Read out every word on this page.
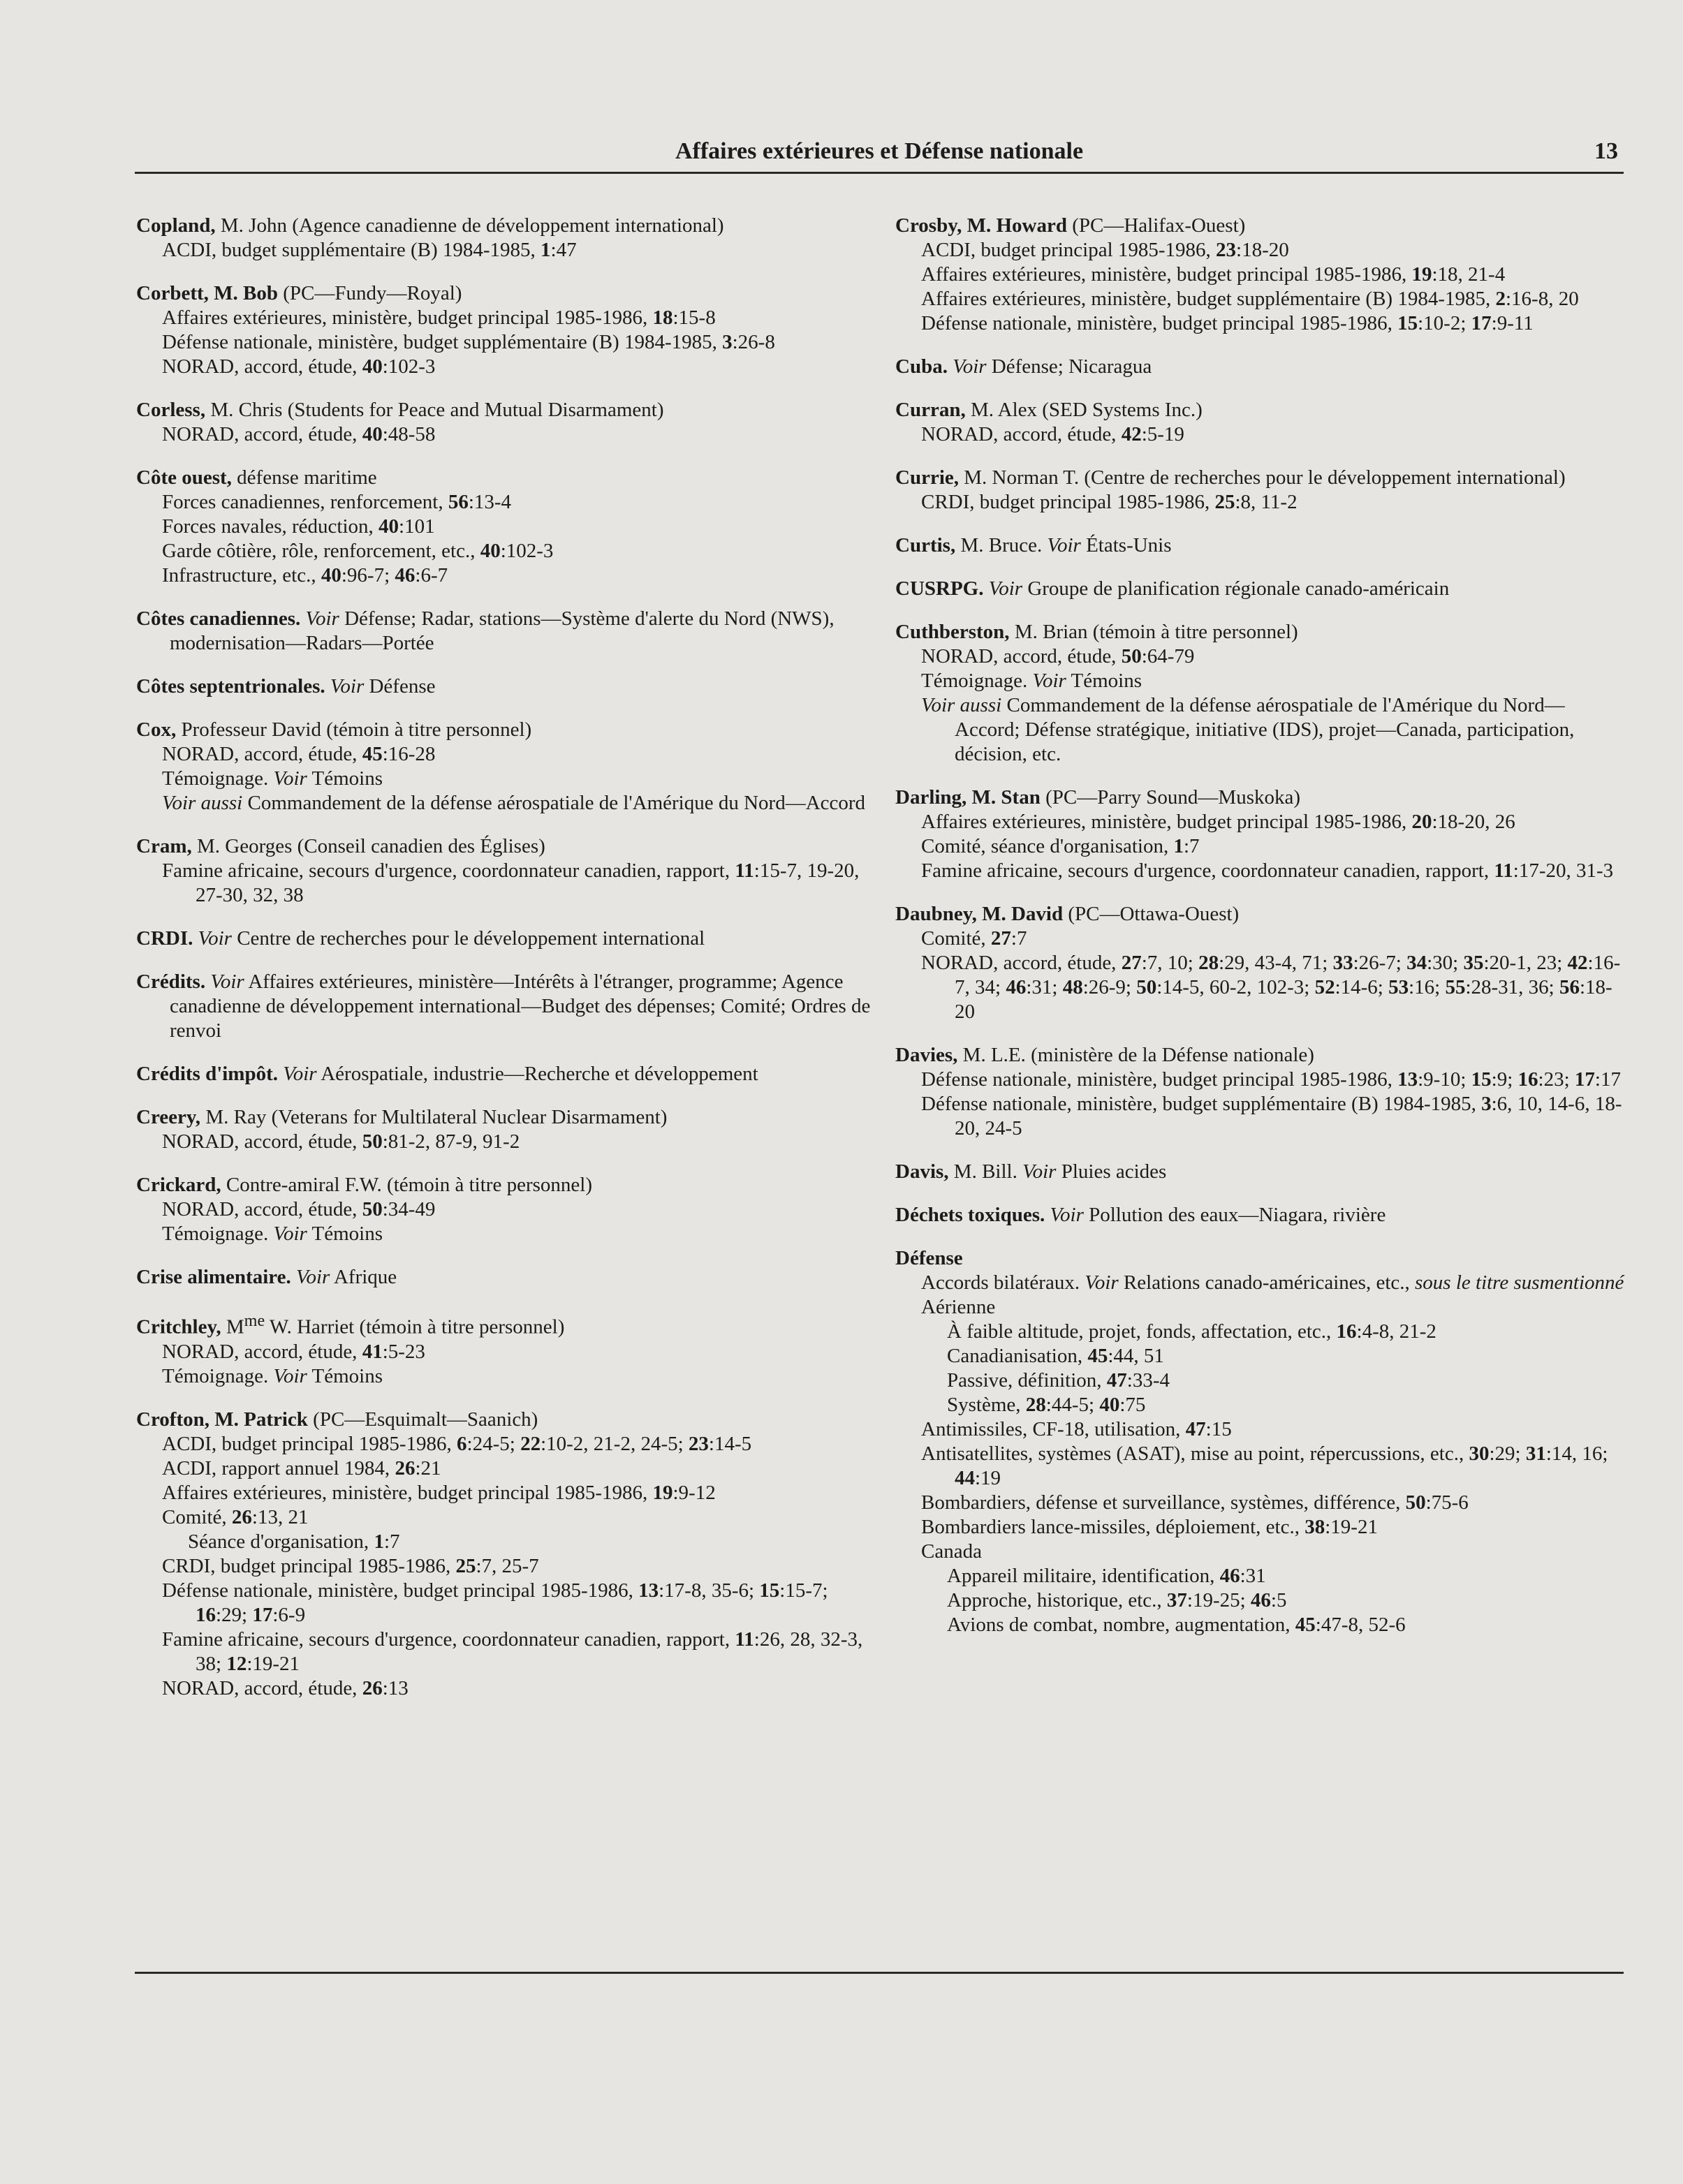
Affaires extérieures et Défense nationale	13
Copland, M. John (Agence canadienne de développement international)
ACDI, budget supplémentaire (B) 1984-1985, 1:47
Corbett, M. Bob (PC—Fundy—Royal)
Affaires extérieures, ministère, budget principal 1985-1986, 18:15-8
Défense nationale, ministère, budget supplémentaire (B) 1984-1985, 3:26-8
NORAD, accord, étude, 40:102-3
Corless, M. Chris (Students for Peace and Mutual Disarmament)
NORAD, accord, étude, 40:48-58
Côte ouest, défense maritime
Forces canadiennes, renforcement, 56:13-4
Forces navales, réduction, 40:101
Garde côtière, rôle, renforcement, etc., 40:102-3
Infrastructure, etc., 40:96-7; 46:6-7
Côtes canadiennes. Voir Défense; Radar, stations—Système d'alerte du Nord (NWS), modernisation—Radars—Portée
Côtes septentrionales. Voir Défense
Cox, Professeur David (témoin à titre personnel)
NORAD, accord, étude, 45:16-28
Témoignage. Voir Témoins
Voir aussi Commandement de la défense aérospatiale de l'Amérique du Nord—Accord
Cram, M. Georges (Conseil canadien des Églises)
Famine africaine, secours d'urgence, coordonnateur canadien, rapport, 11:15-7, 19-20, 27-30, 32, 38
CRDI. Voir Centre de recherches pour le développement international
Crédits. Voir Affaires extérieures, ministère—Intérêts à l'étranger, programme; Agence canadienne de développement international—Budget des dépenses; Comité; Ordres de renvoi
Crédits d'impôt. Voir Aérospatiale, industrie—Recherche et développement
Creery, M. Ray (Veterans for Multilateral Nuclear Disarmament)
NORAD, accord, étude, 50:81-2, 87-9, 91-2
Crickard, Contre-amiral F.W. (témoin à titre personnel)
NORAD, accord, étude, 50:34-49
Témoignage. Voir Témoins
Crise alimentaire. Voir Afrique
Critchley, $M^{me}$ W. Harriet (témoin à titre personnel)
NORAD, accord, étude, 41:5-23
Témoignage. Voir Témoins
Crofton, M. Patrick (PC—Esquimalt—Saanich)
ACDI, budget principal 1985-1986, 6:24-5; 22:10-2, 21-2, 24-5; 23:14-5
ACDI, rapport annuel 1984, 26:21
Affaires extérieures, ministère, budget principal 1985-1986, 19:9-12
Comité, 26:13, 21
Séance d'organisation, 1:7
CRDI, budget principal 1985-1986, 25:7, 25-7
Défense nationale, ministère, budget principal 1985-1986, 13:17-8, 35-6; 15:15-7; 16:29; 17:6-9
Famine africaine, secours d'urgence, coordonnateur canadien, rapport, 11:26, 28, 32-3, 38; 12:19-21
NORAD, accord, étude, 26:13
Crosby, M. Howard (PC—Halifax-Ouest)
ACDI, budget principal 1985-1986, 23:18-20
Affaires extérieures, ministère, budget principal 1985-1986, 19:18, 21-4
Affaires extérieures, ministère, budget supplémentaire (B) 1984-1985, 2:16-8, 20
Défense nationale, ministère, budget principal 1985-1986, 15:10-2; 17:9-11
Cuba. Voir Défense; Nicaragua
Curran, M. Alex (SED Systems Inc.)
NORAD, accord, étude, 42:5-19
Currie, M. Norman T. (Centre de recherches pour le développement international)
CRDI, budget principal 1985-1986, 25:8, 11-2
Curtis, M. Bruce. Voir États-Unis
CUSRPG. Voir Groupe de planification régionale canado-américain
Cuthberston, M. Brian (témoin à titre personnel)
NORAD, accord, étude, 50:64-79
Témoignage. Voir Témoins
Voir aussi Commandement de la défense aérospatiale de l'Amérique du Nord—Accord; Défense stratégique, initiative (IDS), projet—Canada, participation, décision, etc.
Darling, M. Stan (PC—Parry Sound—Muskoka)
Affaires extérieures, ministère, budget principal 1985-1986, 20:18-20, 26
Comité, séance d'organisation, 1:7
Famine africaine, secours d'urgence, coordonnateur canadien, rapport, 11:17-20, 31-3
Daubney, M. David (PC—Ottawa-Ouest)
Comité, 27:7
NORAD, accord, étude, 27:7, 10; 28:29, 43-4, 71; 33:26-7; 34:30; 35:20-1, 23; 42:16-7, 34; 46:31; 48:26-9; 50:14-5, 60-2, 102-3; 52:14-6; 53:16; 55:28-31, 36; 56:18-20
Davies, M. L.E. (ministère de la Défense nationale)
Défense nationale, ministère, budget principal 1985-1986, 13:9-10; 15:9; 16:23; 17:17
Défense nationale, ministère, budget supplémentaire (B) 1984-1985, 3:6, 10, 14-6, 18-20, 24-5
Davis, M. Bill. Voir Pluies acides
Déchets toxiques. Voir Pollution des eaux—Niagara, rivière
Défense
Accords bilatéraux. Voir Relations canado-américaines, etc., sous le titre susmentionné
Aérienne
À faible altitude, projet, fonds, affectation, etc., 16:4-8, 21-2
Canadianisation, 45:44, 51
Passive, définition, 47:33-4
Système, 28:44-5; 40:75
Antimissiles, CF-18, utilisation, 47:15
Antisatellites, systèmes (ASAT), mise au point, répercussions, etc., 30:29; 31:14, 16; 44:19
Bombardiers, défense et surveillance, systèmes, différence, 50:75-6
Bombardiers lance-missiles, déploiement, etc., 38:19-21
Canada
Appareil militaire, identification, 46:31
Approche, historique, etc., 37:19-25; 46:5
Avions de combat, nombre, augmentation, 45:47-8, 52-6
